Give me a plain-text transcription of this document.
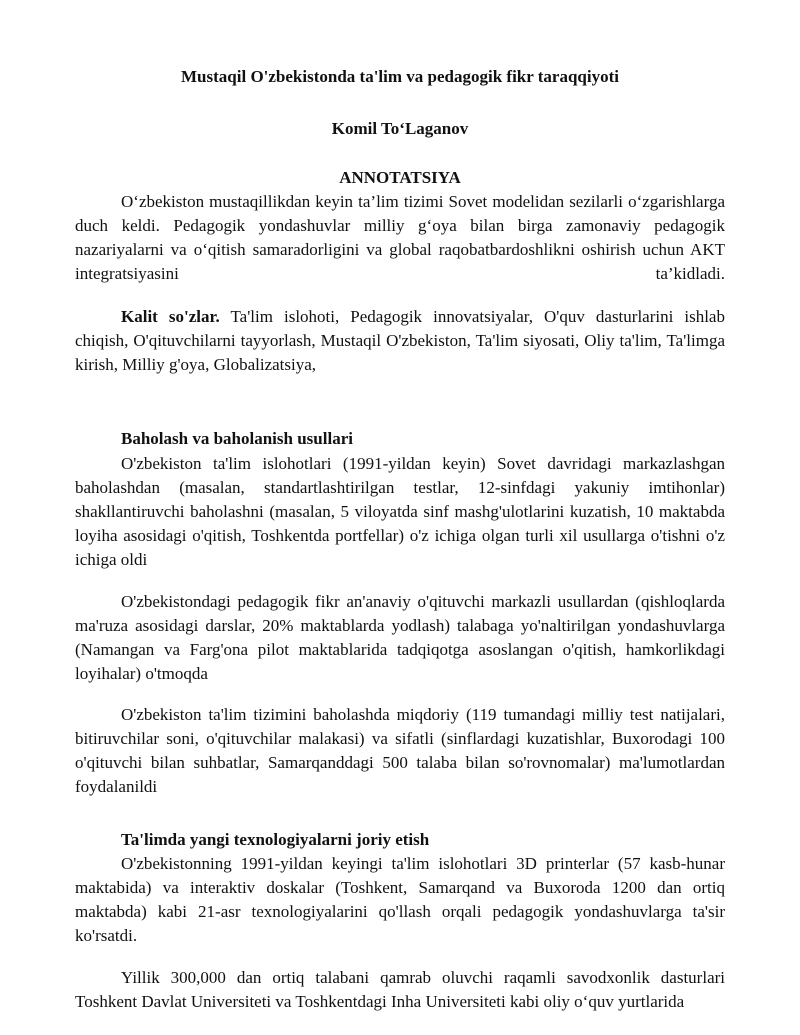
Mustaqil O'zbekistonda ta'lim va pedagogik fikr taraqqiyoti
Komil To‘Laganov
ANNOTATSIYA

O‘zbekiston mustaqillikdan keyin ta’lim tizimi Sovet modelidan sezilarli o‘zgarishlarga duch keldi. Pedagogik yondashuvlar milliy g‘oya bilan birga zamonaviy pedagogik nazariyalarni va o‘qitish samaradorligini va global raqobatbardoshlikni oshirish uchun AKT integratsiyasini ta’kidladi.

Kalit so'zlar. Ta'lim islohoti, Pedagogik innovatsiyalar, O'quv dasturlarini ishlab chiqish, O'qituvchilarni tayyorlash, Mustaqil O'zbekiston, Ta'lim siyosati, Oliy ta'lim, Ta'limga kirish, Milliy g'oya, Globalizatsiya,

Baholash va baholanish usullari

O'zbekiston ta'lim islohotlari (1991-yildan keyin) Sovet davridagi markazlashgan baholashdan (masalan, standartlashtirilgan testlar, 12-sinfdagi yakuniy imtihonlar) shakllantiruvchi baholashni (masalan, 5 viloyatda sinf mashg'ulotlarini kuzatish, 10 maktabda loyiha asosidagi o'qitish, Toshkentda portfellar) o'z ichiga olgan turli xil usullarga o'tishni o'z ichiga oldi

O'zbekistondagi pedagogik fikr an'anaviy o'qituvchi markazli usullardan (qishloqlarda ma'ruza asosidagi darslar, 20% maktablarda yodlash) talabaga yo'naltirilgan yondashuvlarga (Namangan va Farg'ona pilot maktablarida tadqiqotga asoslangan o'qitish, hamkorlikdagi loyihalar) o'tmoqda

O'zbekiston ta'lim tizimini baholashda miqdoriy (119 tumandagi milliy test natijalari, bitiruvchilar soni, o'qituvchilar malakasi) va sifatli (sinflardagi kuzatishlar, Buxorodagi 100 o'qituvchi bilan suhbatlar, Samarqanddagi 500 talaba bilan so'rovnomalar) ma'lumotlardan foydalanildi

Ta'limda yangi texnologiyalarni joriy etish

O'zbekistonning 1991-yildan keyingi ta'lim islohotlari 3D printerlar (57 kasb-hunar maktabida) va interaktiv doskalar (Toshkent, Samarqand va Buxoroda 1200 dan ortiq maktabda) kabi 21-asr texnologiyalarini qo'llash orqali pedagogik yondashuvlarga ta'sir ko'rsatdi.

Yillik 300,000 dan ortiq talabani qamrab oluvchi raqamli savodxonlik dasturlari Toshkent Davlat Universiteti va Toshkentdagi Inha Universiteti kabi oliy o‘quv yurtlarida
